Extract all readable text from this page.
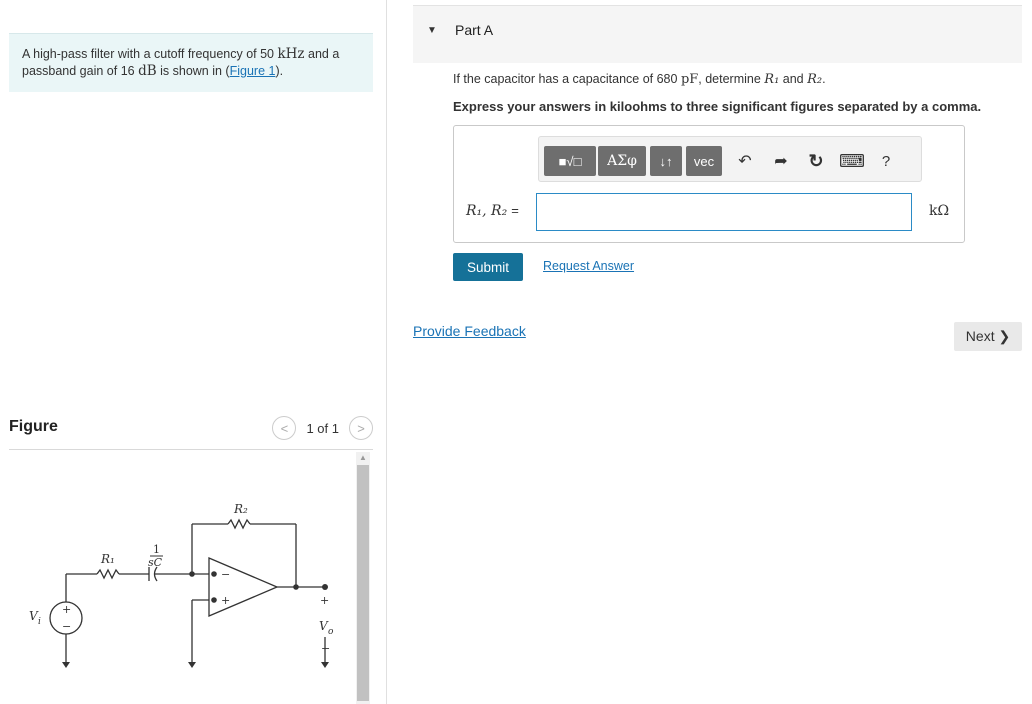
A high-pass filter with a cutoff frequency of 50 kHz and a passband gain of 16 dB is shown in (Figure 1).
Figure	< 1 of 1 >
R₂
R₁
1
sC
V i
+
−
+
V o
−
−
+
▲
▼ Part A
If the capacitor has a capacitance of 680 pF, determine R₁ and R₂.
Express your answers in kiloohms to three significant figures separated by a comma.
■√□ ΑΣφ ↓↑ vec ↶ ➦ ↻ ⌨ ?
R₁, R₂ =	kΩ
Submit	Request Answer
Provide Feedback	Next ❯
